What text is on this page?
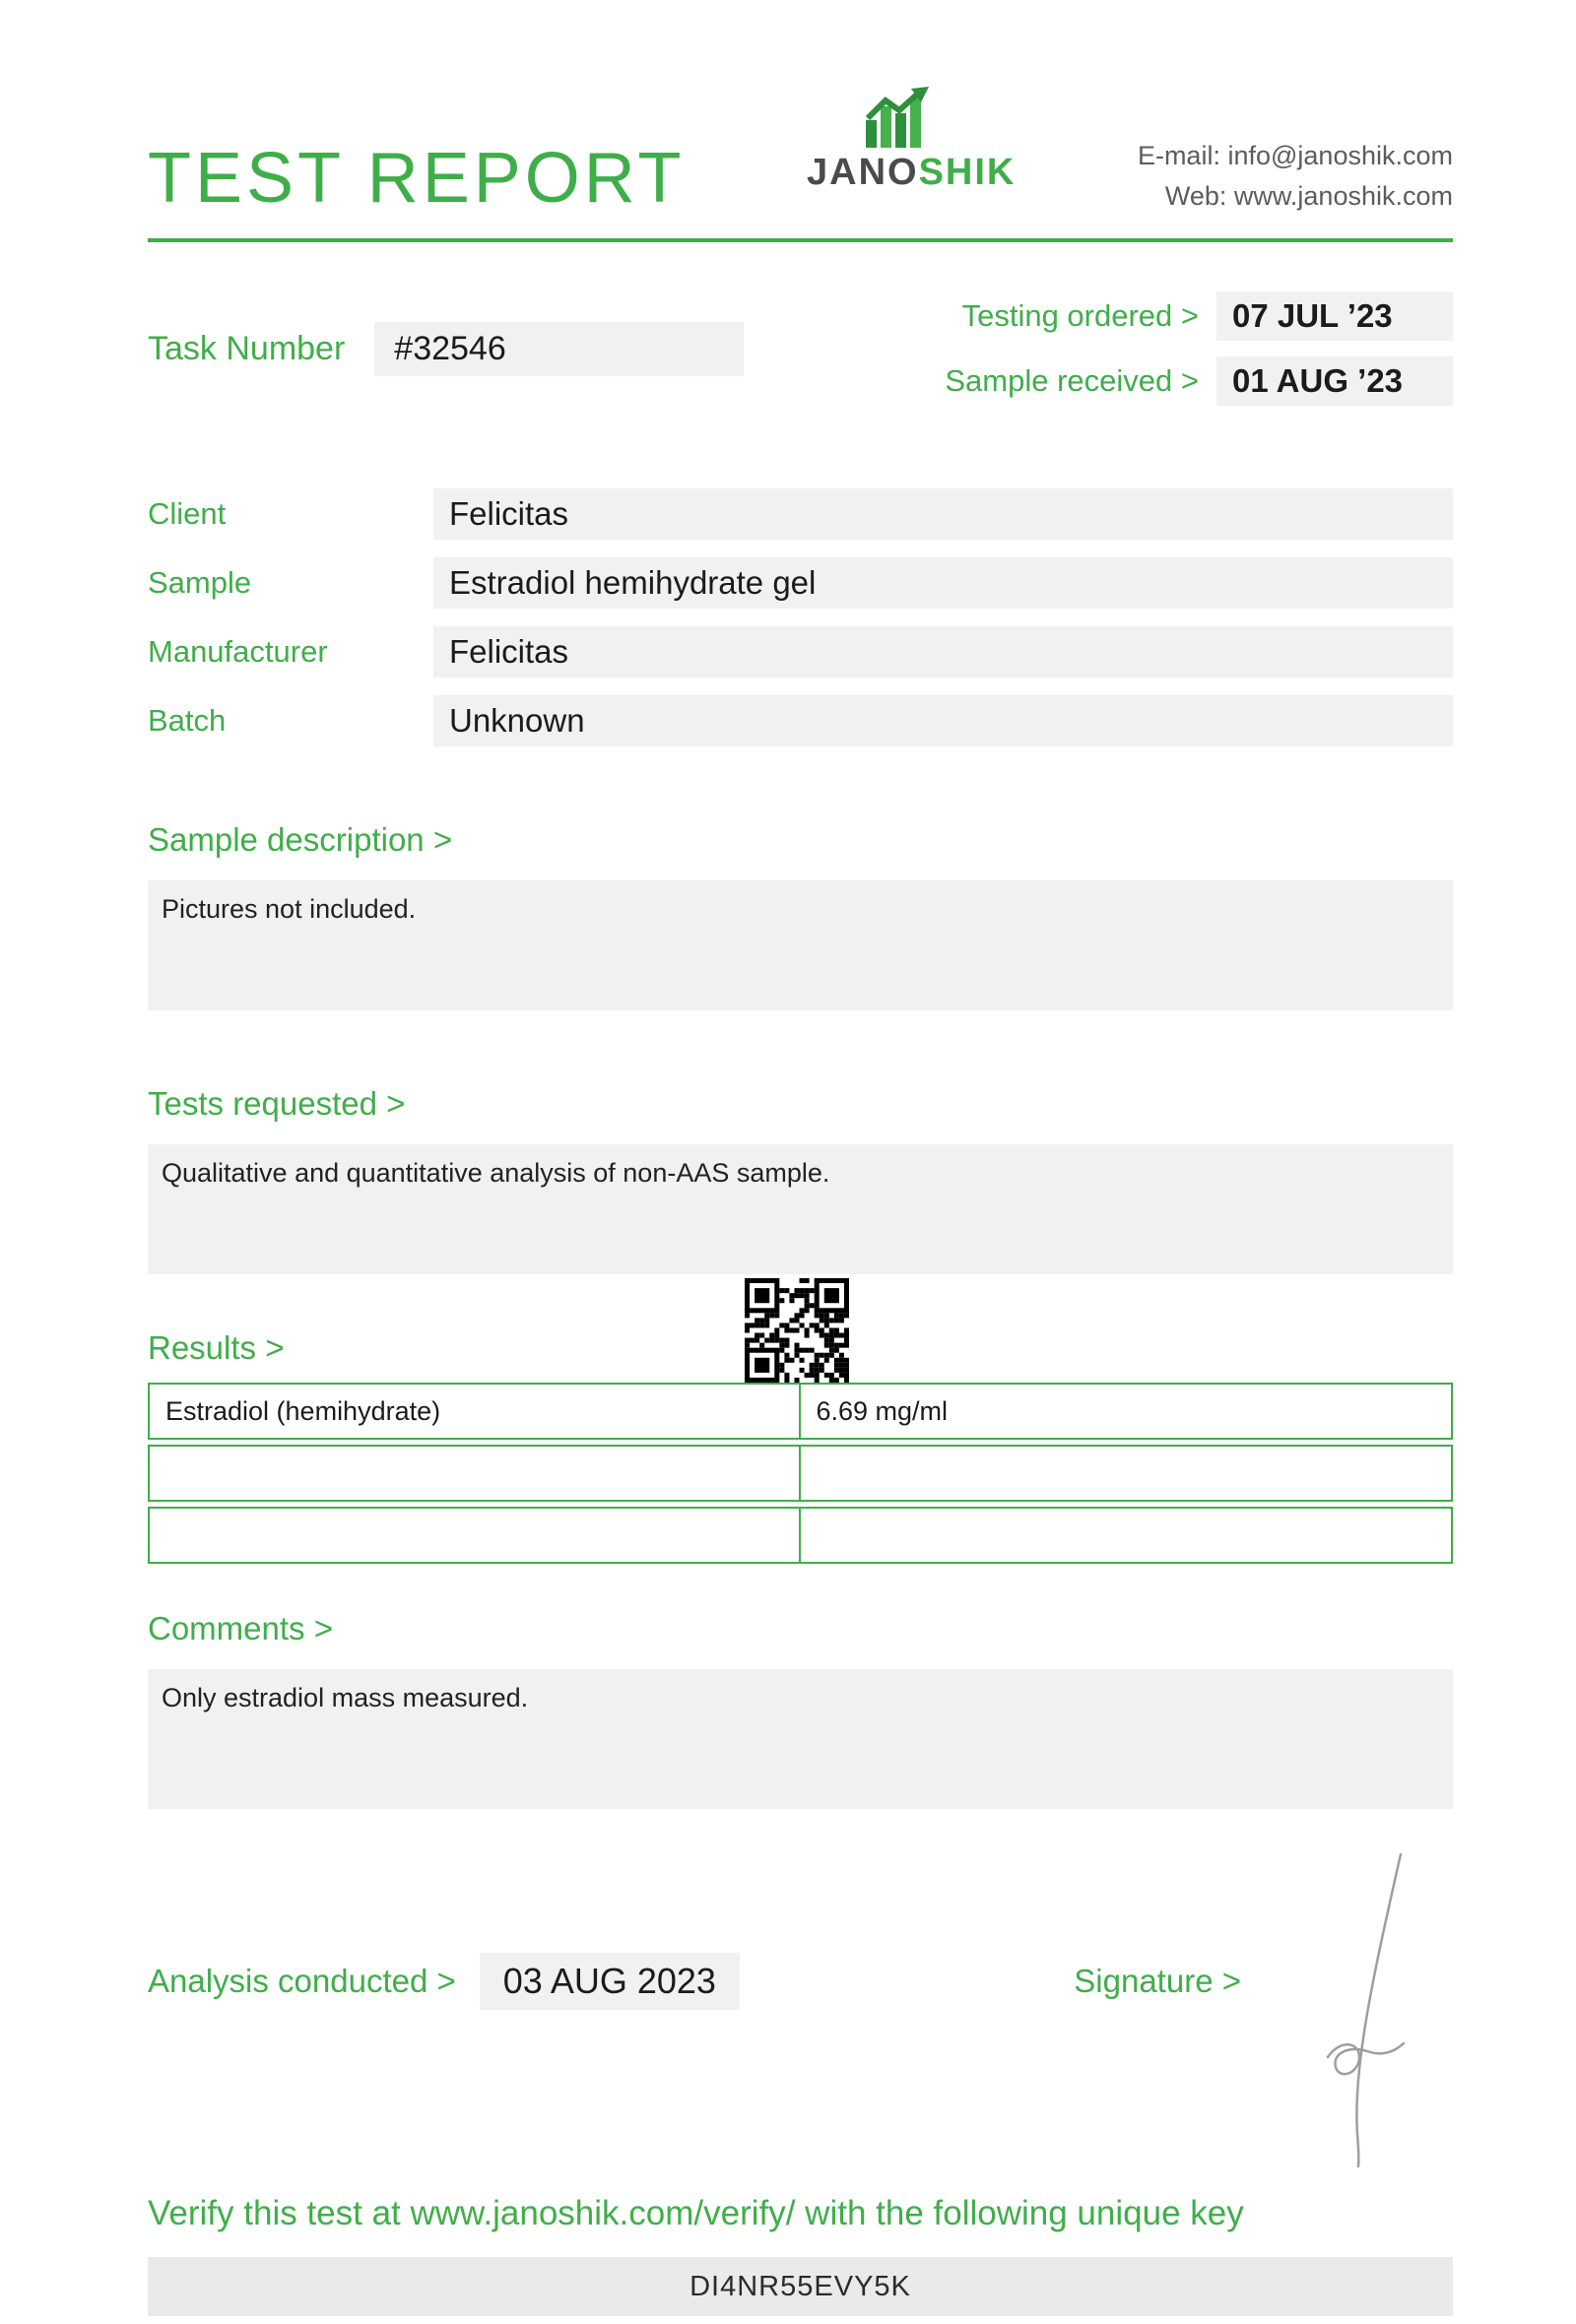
TEST REPORT	JANOSHIK	E-mail: info@janoshik.com
Web: www.janoshik.com
Task Number	#32546
Testing ordered >	07 JUL ’23
Sample received >	01 AUG ’23
Client	Felicitas
Sample	Estradiol hemihydrate gel
Manufacturer	Felicitas
Batch	Unknown
Sample description >
Pictures not included.
Tests requested >
Qualitative and quantitative analysis of non-AAS sample.
Results >
Estradiol (hemihydrate)	6.69 mg/ml
Comments >
Only estradiol mass measured.
Analysis conducted >	03 AUG 2023	Signature >
Verify this test at www.janoshik.com/verify/ with the following unique key
DI4NR55EVY5K
